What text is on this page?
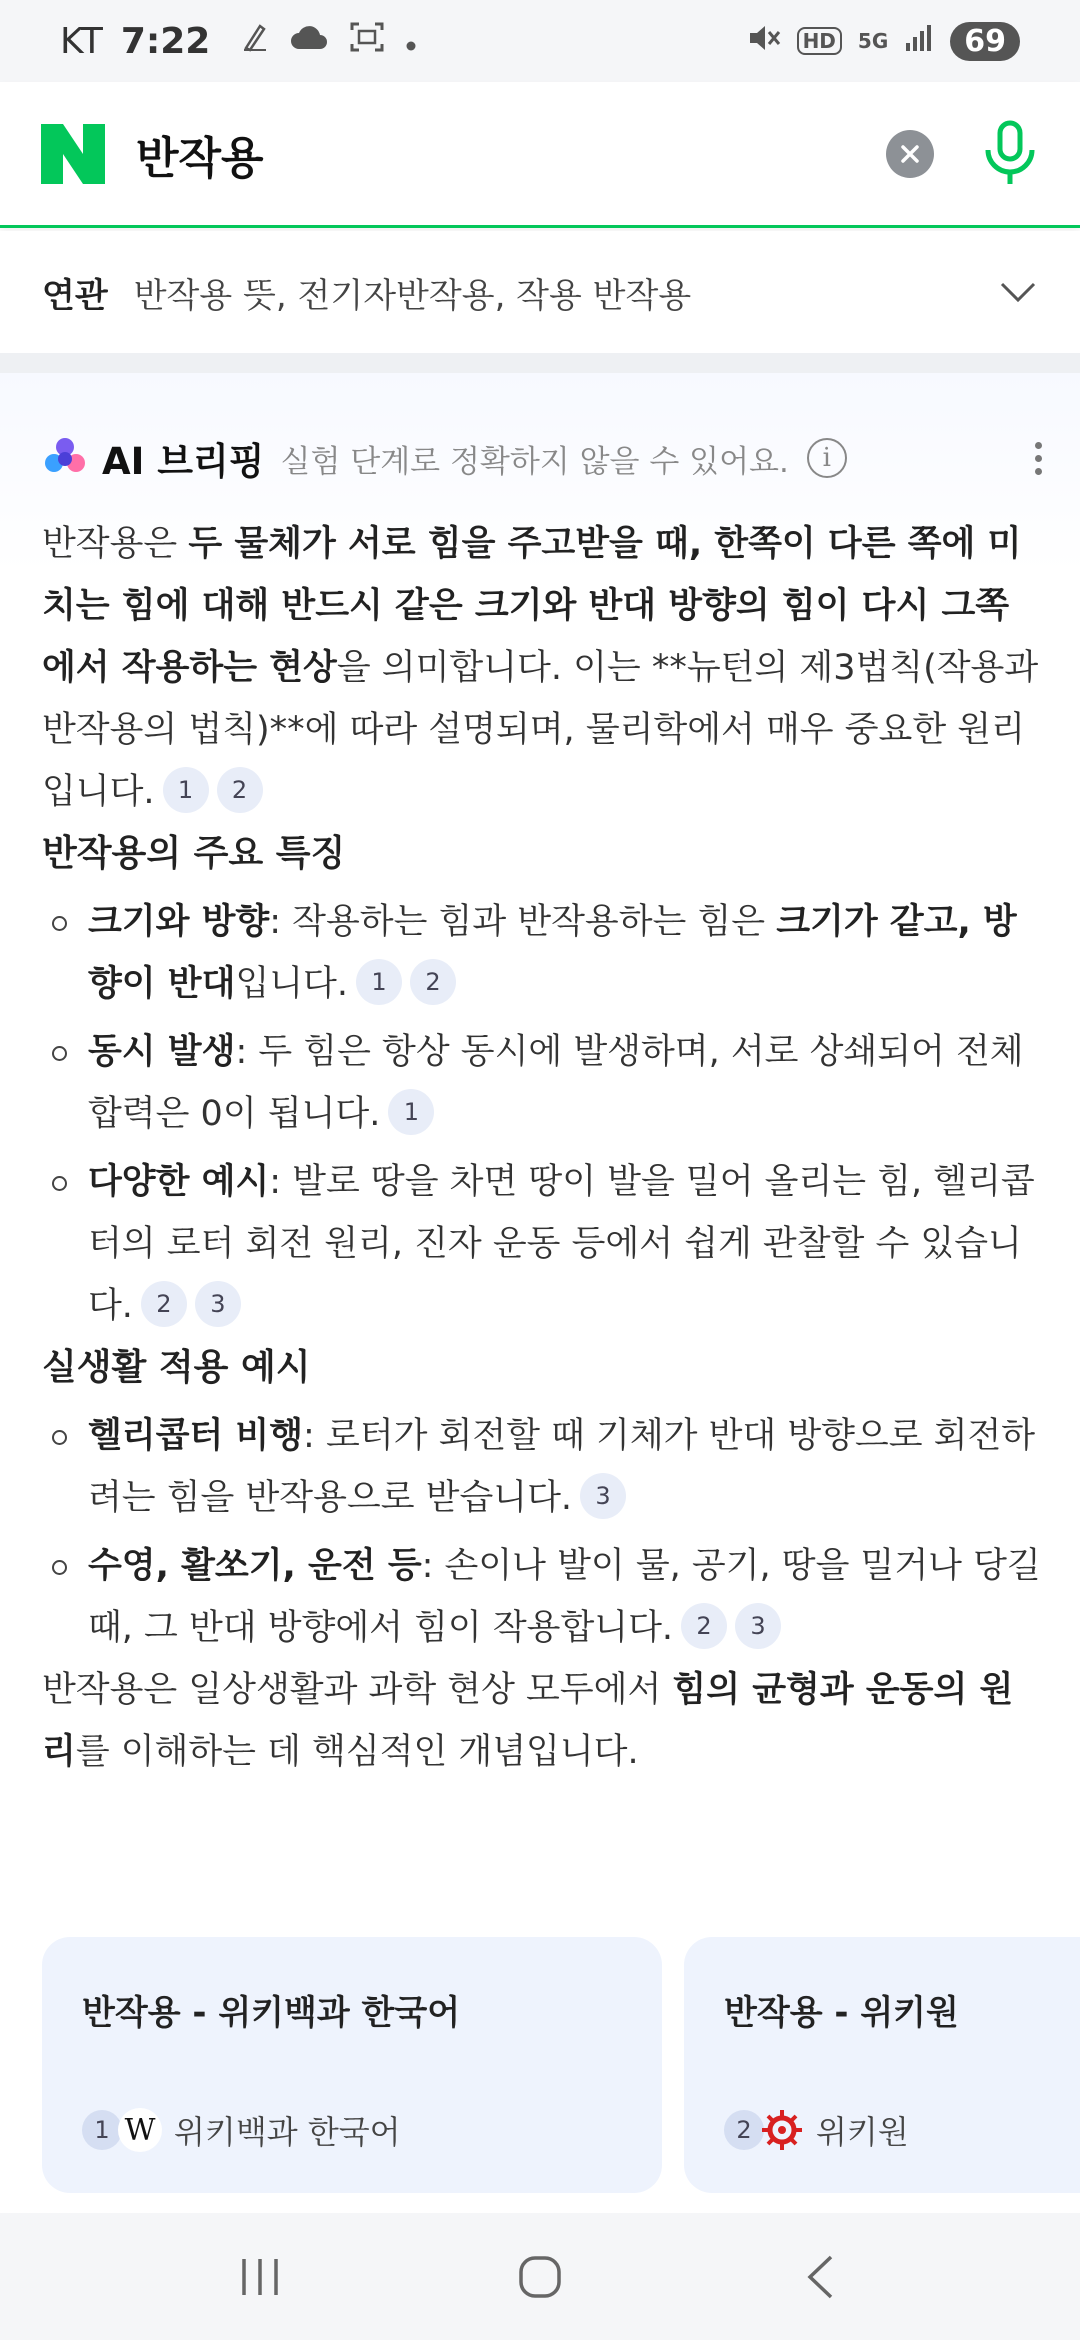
KT 7:22	HD	5G	69
반작용
연관 반작용 뜻, 전기자반작용, 작용 반작용
AI 브리핑 실험 단계로 정확하지 않을 수 있어요.	i

반작용은 두 물체가 서로 힘을 주고받을 때, 한쪽이 다른 쪽에 미치는 힘에 대해 반드시 같은 크기와 반대 방향의 힘이 다시 그쪽에서 작용하는 현상을 의미합니다. 이는 **뉴턴의 제3법칙(작용과 반작용의 법칙)**에 따라 설명되며, 물리학에서 매우 중요한 원리입니다. 1 2

반작용의 주요 특징

크기와 방향: 작용하는 힘과 반작용하는 힘은 크기가 같고, 방향이 반대입니다. 1 2
동시 발생: 두 힘은 항상 동시에 발생하며, 서로 상쇄되어 전체 합력은 0이 됩니다. 1
다양한 예시: 발로 땅을 차면 땅이 발을 밀어 올리는 힘, 헬리콥터의 로터 회전 원리, 진자 운동 등에서 쉽게 관찰할 수 있습니다. 2 3

실생활 적용 예시

헬리콥터 비행: 로터가 회전할 때 기체가 반대 방향으로 회전하려는 힘을 반작용으로 받습니다. 3
수영, 활쏘기, 운전 등: 손이나 발이 물, 공기, 땅을 밀거나 당길 때, 그 반대 방향에서 힘이 작용합니다. 2 3

반작용은 일상생활과 과학 현상 모두에서 힘의 균형과 운동의 원리를 이해하는 데 핵심적인 개념입니다.

반작용 - 위키백과 한국어
1 W 위키백과 한국어
반작용 - 위키원
2	위키원
